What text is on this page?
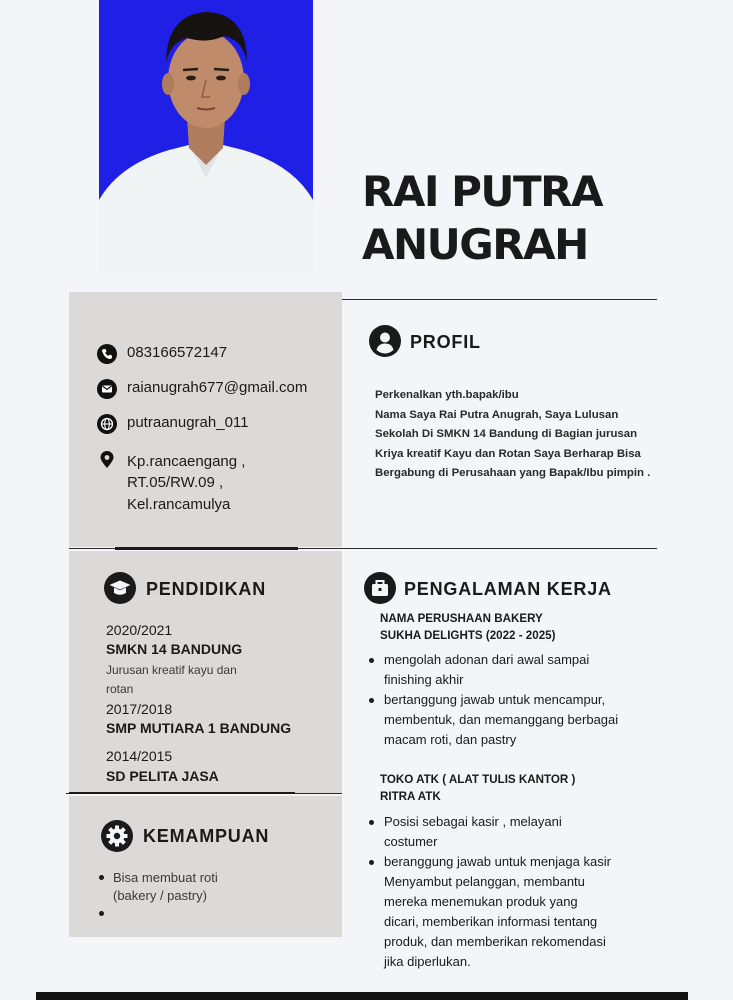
RAI PUTRA
ANUGRAH
083166572147
raianugrah677@gmail.com
putraanugrah_011
Kp.rancaengang ,
RT.05/RW.09 ,
Kel.rancamulya
PROFIL
Perkenalkan yth.bapak/ibu
Nama Saya Rai Putra Anugrah, Saya Lulusan
Sekolah Di SMKN 14 Bandung di Bagian jurusan
Kriya kreatif Kayu dan Rotan Saya Berharap Bisa
Bergabung di Perusahaan yang Bapak/Ibu pimpin .
PENDIDIKAN
2020/2021
SMKN 14 BANDUNG
Jurusan kreatif kayu dan
rotan
2017/2018
SMP MUTIARA 1 BANDUNG
2014/2015
SD PELITA JASA
KEMAMPUAN
Bisa membuat roti
(bakery / pastry)
PENGALAMAN KERJA
NAMA PERUSHAAN BAKERY
SUKHA DELIGHTS (2022 - 2025)
mengolah adonan dari awal sampai
finishing akhir
bertanggung jawab untuk mencampur,
membentuk, dan memanggang berbagai
macam roti, dan pastry
TOKO ATK ( ALAT TULIS KANTOR )
RITRA ATK
Posisi sebagai kasir , melayani
costumer
beranggung jawab untuk menjaga kasir
Menyambut pelanggan, membantu
mereka menemukan produk yang
dicari, memberikan informasi tentang
produk, dan memberikan rekomendasi
jika diperlukan.
